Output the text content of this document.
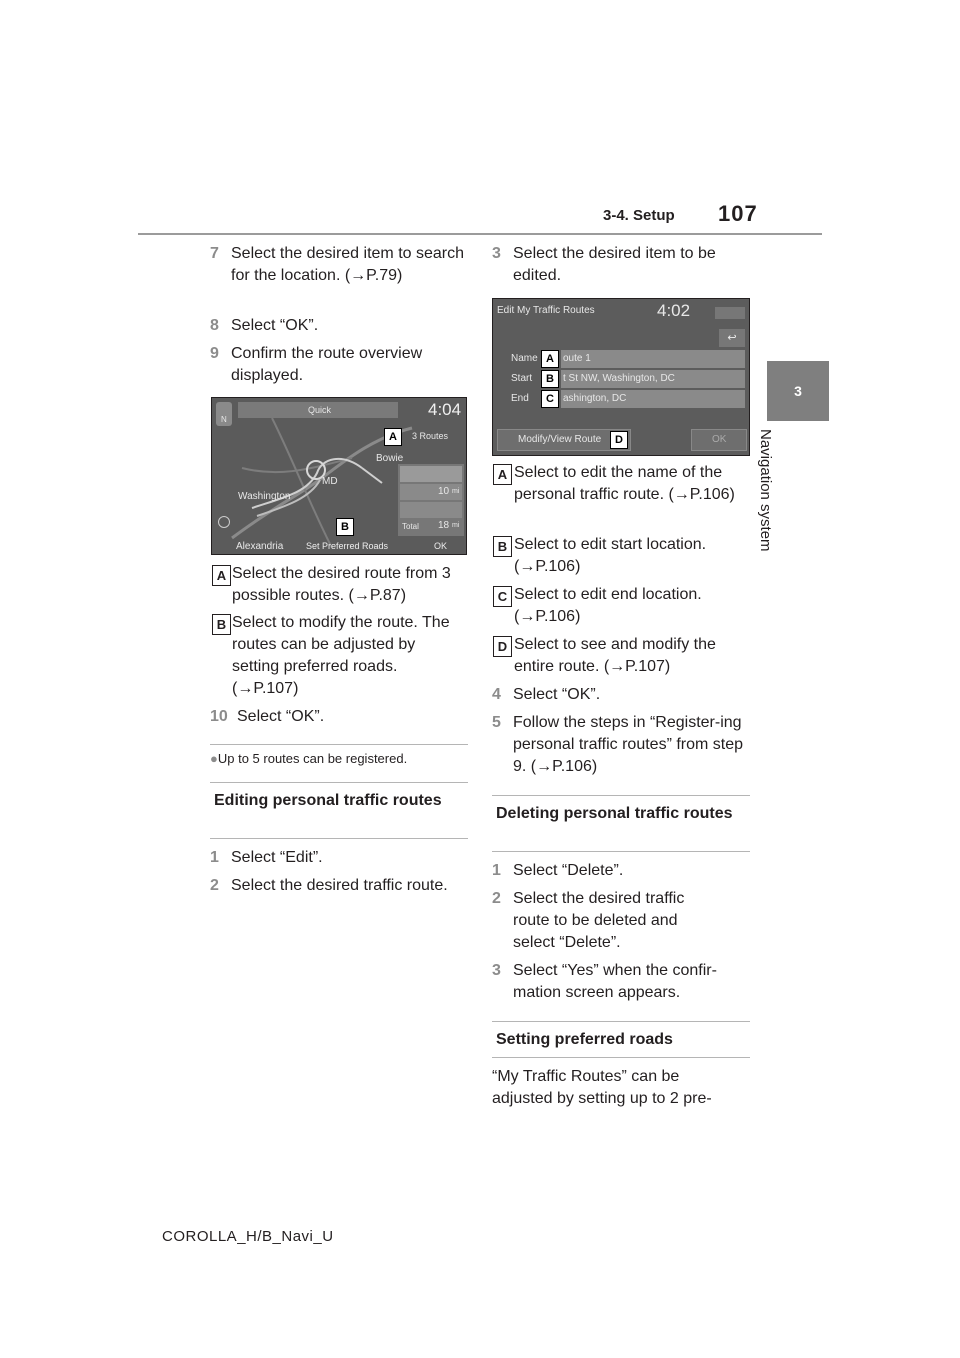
3-4. Setup 107
3
Navigation system
7 Select the desired item to search for the location. (→P.79)
8 Select “OK”.
9 Confirm the route overview displayed.
Quick	4:04
N
A	3 Routes
Bowie
MD
Washington
Alexandria
10 mi
Total 18 mi
B
Set Preferred Roads	OK
A Select the desired route from 3 possible routes. (→P.87)
B Select to modify the route. The routes can be adjusted by setting preferred roads. (→P.107)
10 Select “OK”.
●Up to 5 routes can be registered.
Editing personal traffic routes
1 Select “Edit”.
2 Select the desired traffic route.
3 Select the desired item to be edited.
Edit My Traffic Routes	4:02
↩
Name A oute 1
Start	B t St NW, Washington, DC
End	C ashington, DC
Modify/View Route	D	OK
A Select to edit the name of the personal traffic route. (→P.106)
B Select to edit start location. (→P.106)
C Select to edit end location. (→P.106)
D Select to see and modify the entire route. (→P.107)
4 Select “OK”.
5 Follow the steps in “Register-ing personal traffic routes” from step 9. (→P.106)
Deleting personal traffic routes
1 Select “Delete”.
2 Select the desired traffic route to be deleted and select “Delete”.
3 Select “Yes” when the confir-mation screen appears.
Setting preferred roads
“My Traffic Routes” can be adjusted by setting up to 2 pre-
COROLLA_H/B_Navi_U
